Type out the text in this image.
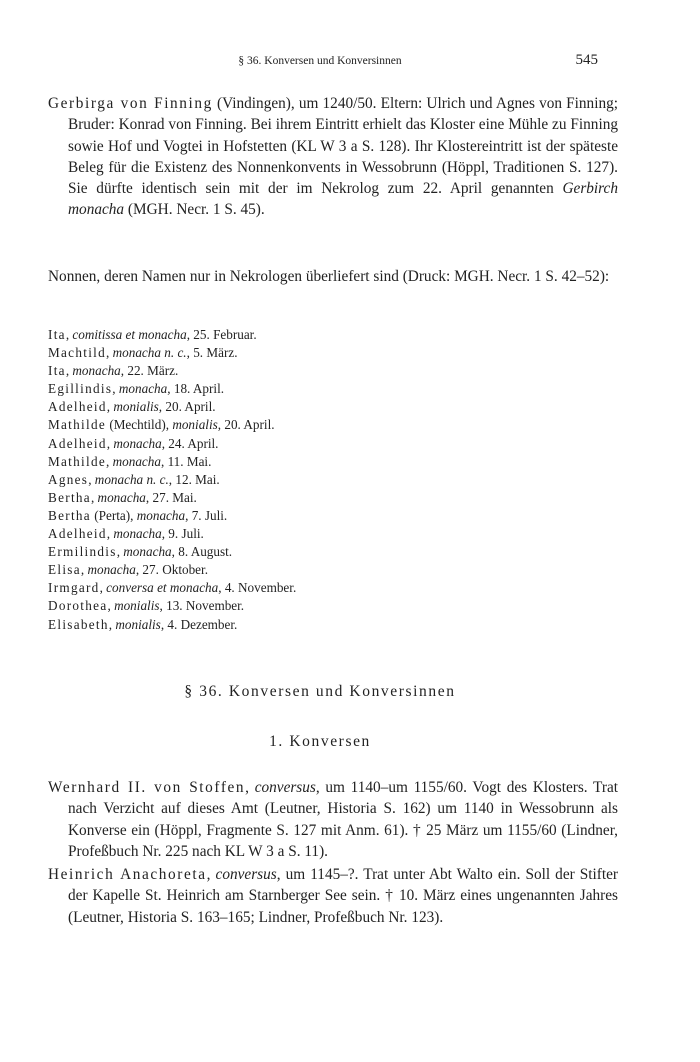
§ 36. Konversen und Konversinnen	545
Gerbirga von Finning (Vindingen), um 1240/50. Eltern: Ulrich und Agnes von Finning; Bruder: Konrad von Finning. Bei ihrem Eintritt erhielt das Kloster eine Mühle zu Finning sowie Hof und Vogtei in Hofstetten (KL W 3 a S. 128). Ihr Klostereintritt ist der späteste Beleg für die Existenz des Nonnenkonvents in Wessobrunn (Höppl, Traditionen S. 127). Sie dürfte identisch sein mit der im Nekrolog zum 22. April genannten Gerbirch monacha (MGH. Necr. 1 S. 45).
Nonnen, deren Namen nur in Nekrologen überliefert sind (Druck: MGH. Necr. 1 S. 42–52):
Ita, comitissa et monacha, 25. Februar.
Machtild, monacha n. c., 5. März.
Ita, monacha, 22. März.
Egillindis, monacha, 18. April.
Adelheid, monialis, 20. April.
Mathilde (Mechtild), monialis, 20. April.
Adelheid, monacha, 24. April.
Mathilde, monacha, 11. Mai.
Agnes, monacha n. c., 12. Mai.
Bertha, monacha, 27. Mai.
Bertha (Perta), monacha, 7. Juli.
Adelheid, monacha, 9. Juli.
Ermilindis, monacha, 8. August.
Elisa, monacha, 27. Oktober.
Irmgard, conversa et monacha, 4. November.
Dorothea, monialis, 13. November.
Elisabeth, monialis, 4. Dezember.
§ 36. Konversen und Konversinnen
1. Konversen
Wernhard II. von Stoffen, conversus, um 1140–um 1155/60. Vogt des Klosters. Trat nach Verzicht auf dieses Amt (Leutner, Historia S. 162) um 1140 in Wessobrunn als Konverse ein (Höppl, Fragmente S. 127 mit Anm. 61). † 25 März um 1155/60 (Lindner, Profeßbuch Nr. 225 nach KL W 3 a S. 11).
Heinrich Anachoreta, conversus, um 1145–?. Trat unter Abt Walto ein. Soll der Stifter der Kapelle St. Heinrich am Starnberger See sein. † 10. März eines ungenannten Jahres (Leutner, Historia S. 163–165; Lindner, Profeßbuch Nr. 123).
